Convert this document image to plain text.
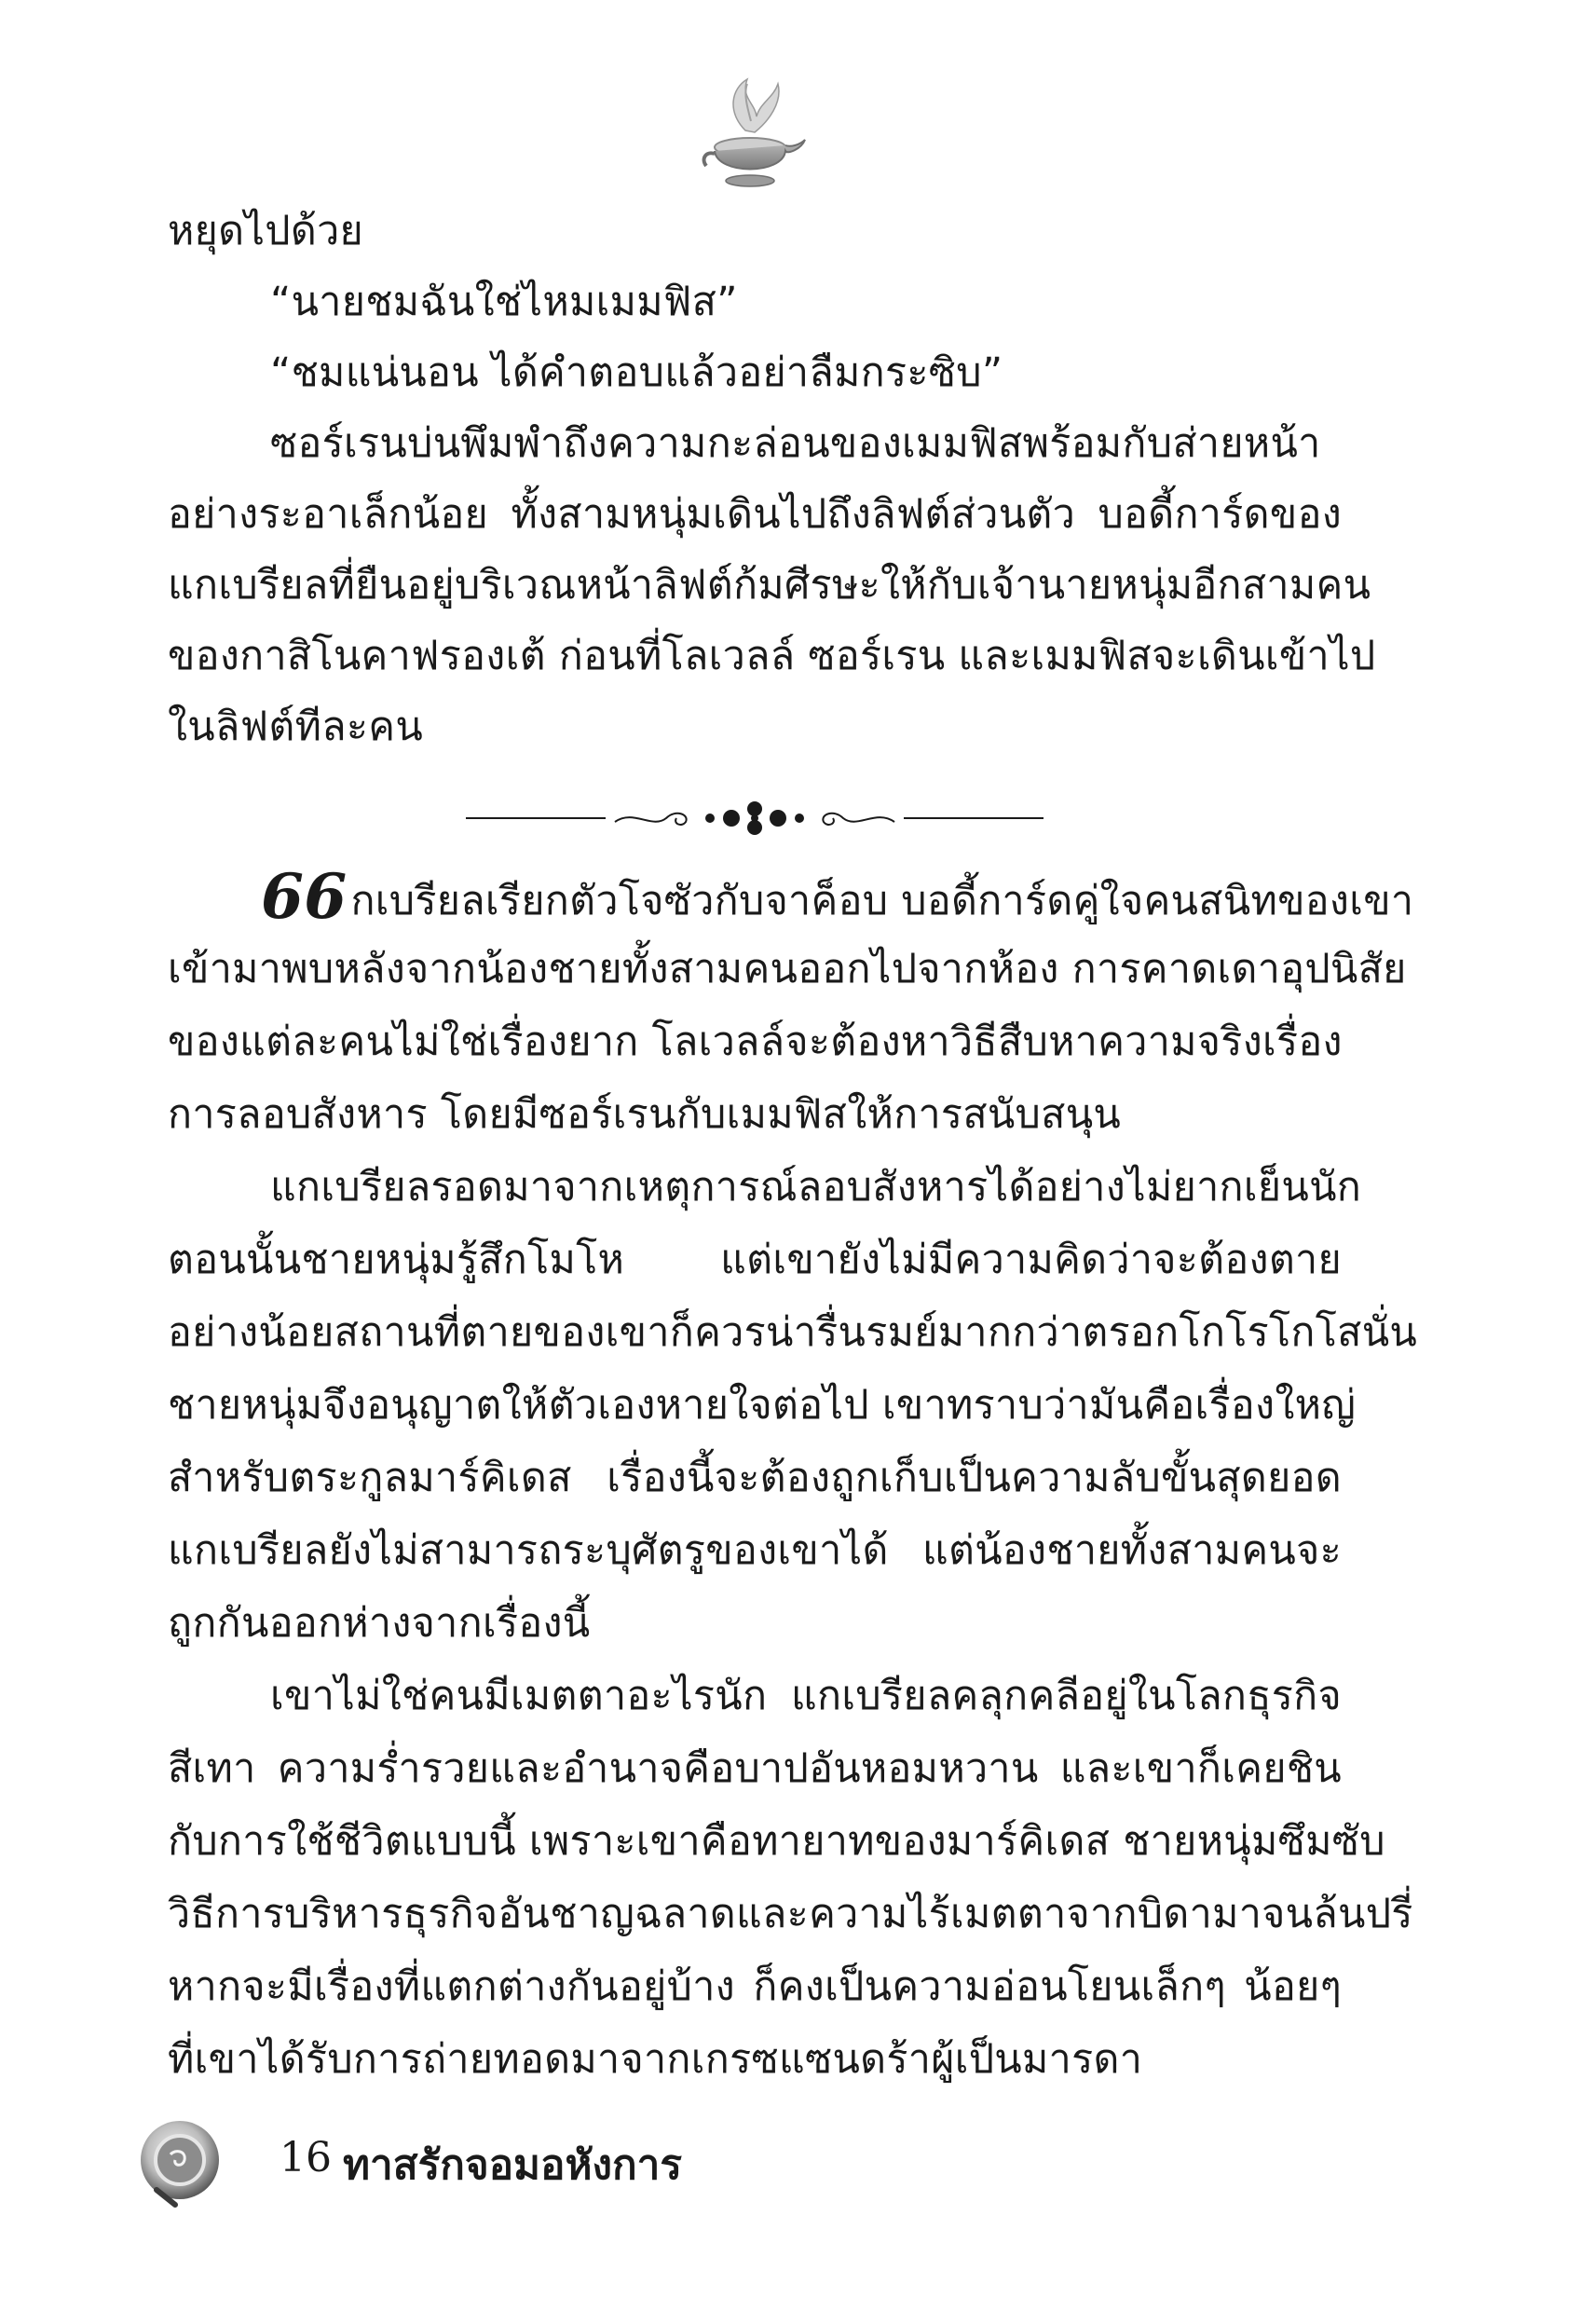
หยุดไปด้วย
“นายชมฉันใช่ไหมเมมฟิส”
“ชมแน่นอน ได้คำตอบแล้วอย่าลืมกระซิบ”
ซอร์เรนบ่นพึมพำถึงความกะล่อนของเมมฟิสพร้อมกับส่ายหน้า
อย่างระอาเล็กน้อย ทั้งสามหนุ่มเดินไปถึงลิฟต์ส่วนตัว บอดี้การ์ดของ
แกเบรียลที่ยืนอยู่บริเวณหน้าลิฟต์ก้มศีรษะให้กับเจ้านายหนุ่มอีกสามคน
ของกาสิโนคาฟรองเต้ ก่อนที่โลเวลล์ ซอร์เรน และเมมฟิสจะเดินเข้าไป
ในลิฟต์ทีละคน
66กเบรียลเรียกตัวโจซัวกับจาค็อบ บอดี้การ์ดคู่ใจคนสนิทของเขา
เข้ามาพบหลังจากน้องชายทั้งสามคนออกไปจากห้อง การคาดเดาอุปนิสัย
ของแต่ละคนไม่ใช่เรื่องยาก โลเวลล์จะต้องหาวิธีสืบหาความจริงเรื่อง
การลอบสังหาร โดยมีซอร์เรนกับเมมฟิสให้การสนับสนุน
แกเบรียลรอดมาจากเหตุการณ์ลอบสังหารได้อย่างไม่ยากเย็นนัก
ตอนนั้นชายหนุ่มรู้สึกโมโห แต่เขายังไม่มีความคิดว่าจะต้องตาย
อย่างน้อยสถานที่ตายของเขาก็ควรน่ารื่นรมย์มากกว่าตรอกโกโรโกโสนั่น
ชายหนุ่มจึงอนุญาตให้ตัวเองหายใจต่อไป เขาทราบว่ามันคือเรื่องใหญ่
สำหรับตระกูลมาร์คิเดส เรื่องนี้จะต้องถูกเก็บเป็นความลับขั้นสุดยอด
แกเบรียลยังไม่สามารถระบุศัตรูของเขาได้ แต่น้องชายทั้งสามคนจะ
ถูกกันออกห่างจากเรื่องนี้
เขาไม่ใช่คนมีเมตตาอะไรนัก แกเบรียลคลุกคลีอยู่ในโลกธุรกิจ
สีเทา ความร่ำรวยและอำนาจคือบาปอันหอมหวาน และเขาก็เคยชิน
กับการใช้ชีวิตแบบนี้ เพราะเขาคือทายาทของมาร์คิเดส ชายหนุ่มซึมซับ
วิธีการบริหารธุรกิจอันชาญฉลาดและความไร้เมตตาจากบิดามาจนล้นปรี่
หากจะมีเรื่องที่แตกต่างกันอยู่บ้าง ก็คงเป็นความอ่อนโยนเล็กๆ น้อยๆ
ที่เขาได้รับการถ่ายทอดมาจากเกรซแซนดร้าผู้เป็นมารดา
16 ทาสรักจอมอหังการ
